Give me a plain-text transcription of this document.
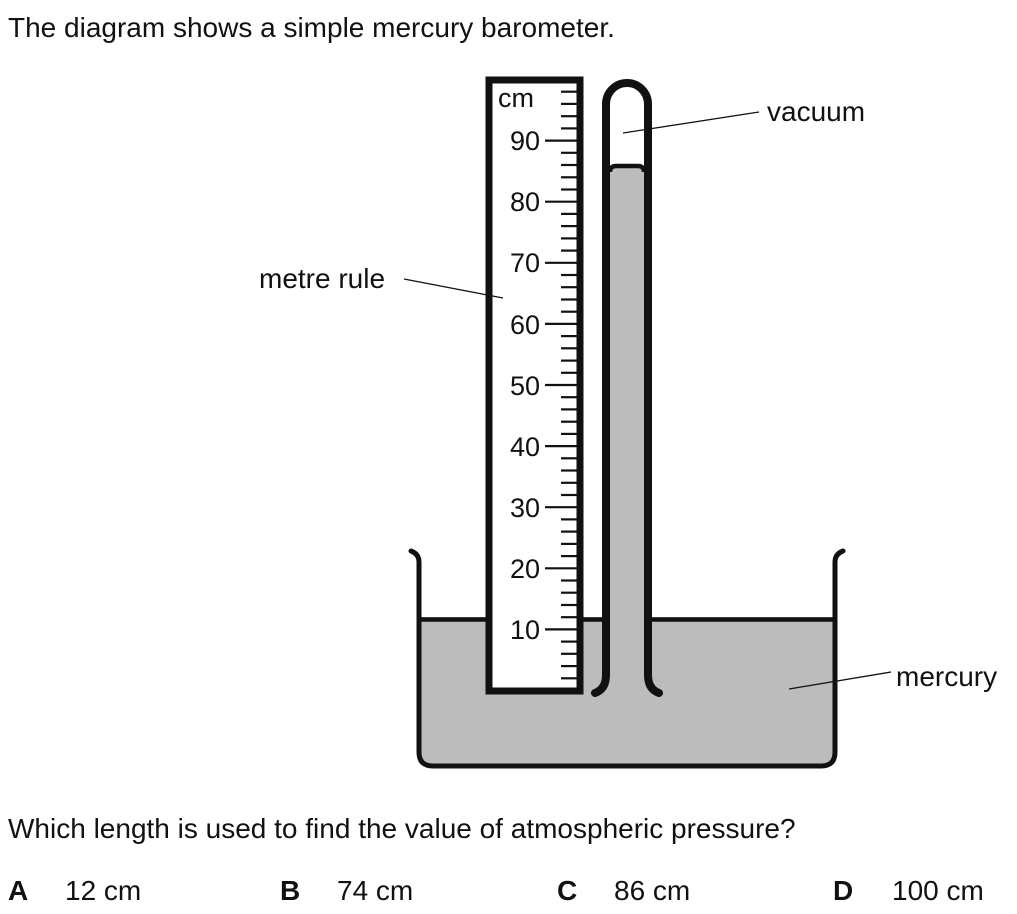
The diagram shows a simple mercury barometer.
90
80
70
60
50
40
30
20
10
cm	vacuum
metre rule
mercury
Which length is used to find the value of atmospheric pressure?
A 12 cm	B 74 cm	C 86 cm	D 100 cm
